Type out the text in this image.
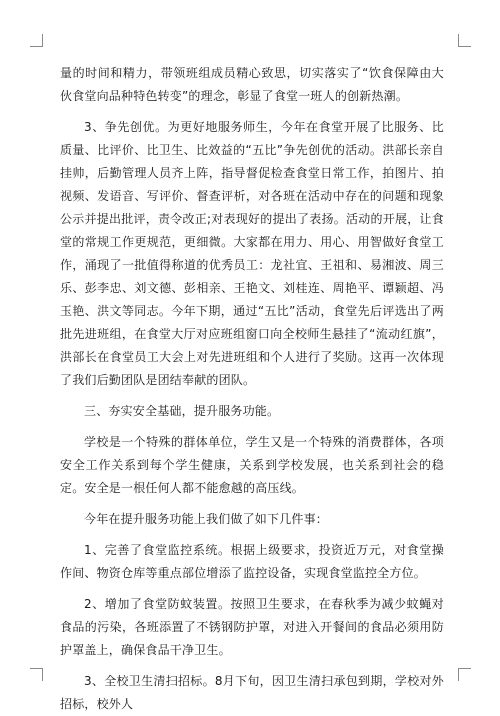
量的时间和精力，带领班组成员精心致思，切实落实了“饮食保障由大伙食堂向品种特色转变”的理念，彰显了食堂一班人的创新热潮。

3、争先创优。为更好地服务师生，今年在食堂开展了比服务、比质量、比评价、比卫生、比效益的“五比”争先创优的活动。洪部长亲自挂帅，后勤管理人员齐上阵，指导督促检查食堂日常工作，拍图片、拍视频、发语音、写评价、督查评析，对各班在活动中存在的问题和现象公示并提出批评，责令改正;对表现好的提出了表扬。活动的开展，让食堂的常规工作更规范，更细微。大家都在用力、用心、用智做好食堂工作，涌现了一批值得称道的优秀员工：龙社宜、王祖和、易湘波、周三乐、彭李忠、刘文德、彭相亲、王艳文、刘桂连、周艳平、谭颖超、冯玉艳、洪文等同志。今年下期，通过“五比”活动，食堂先后评选出了两批先进班组，在食堂大厅对应班组窗口向全校师生悬挂了“流动红旗”，洪部长在食堂员工大会上对先进班组和个人进行了奖励。这再一次体现了我们后勤团队是团结奉献的团队。

三、夯实安全基础，提升服务功能。

学校是一个特殊的群体单位，学生又是一个特殊的消费群体，各项安全工作关系到每个学生健康，关系到学校发展，也关系到社会的稳定。安全是一根任何人都不能愈越的高压线。

今年在提升服务功能上我们做了如下几件事：

1、完善了食堂监控系统。根据上级要求，投资近万元，对食堂操作间、物资仓库等重点部位增添了监控设备，实现食堂监控全方位。

2、增加了食堂防蚊装置。按照卫生要求，在春秋季为减少蚊蝇对食品的污染，各班添置了不锈钢防护罩，对进入开餐间的食品必须用防护罩盖上，确保食品干净卫生。

3、全校卫生清扫招标。8月下旬，因卫生清扫承包到期，学校对外招标，校外人
